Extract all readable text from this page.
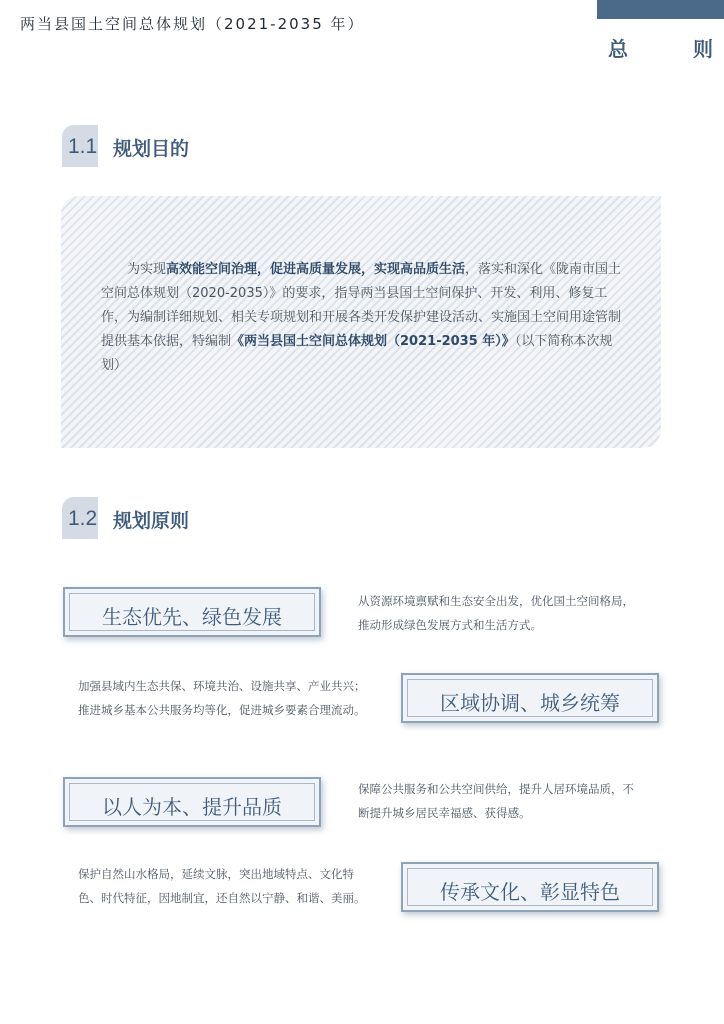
两当县国土空间总体规划（2021-2035 年）
总	则
1.1 规划目的

为实现高效能空间治理，促进高质量发展，实现高品质生活，落实和深化《陇南市国土空间总体规划（2020-2035）》的要求，指导两当县国土空间保护、开发、利用、修复工作，为编制详细规划、相关专项规划和开展各类开发保护建设活动、实施国土空间用途管制提供基本依据，特编制《两当县国土空间总体规划（2021-2035 年）》（以下简称本次规划）

1.2 规划原则
生态优先、绿色发展

从资源环境禀赋和生态安全出发，优化国土空间格局，
推动形成绿色发展方式和生活方式。

加强县域内生态共保、环境共治、设施共享、产业共兴；
推进城乡基本公共服务均等化，促进城乡要素合理流动。	区域协调、城乡统筹
以人为本、提升品质

保障公共服务和公共空间供给，提升人居环境品质，不
断提升城乡居民幸福感、获得感。

保护自然山水格局，延续文脉，突出地域特点、文化特
色、时代特征，因地制宜，还自然以宁静、和谐、美丽。	传承文化、彰显特色
